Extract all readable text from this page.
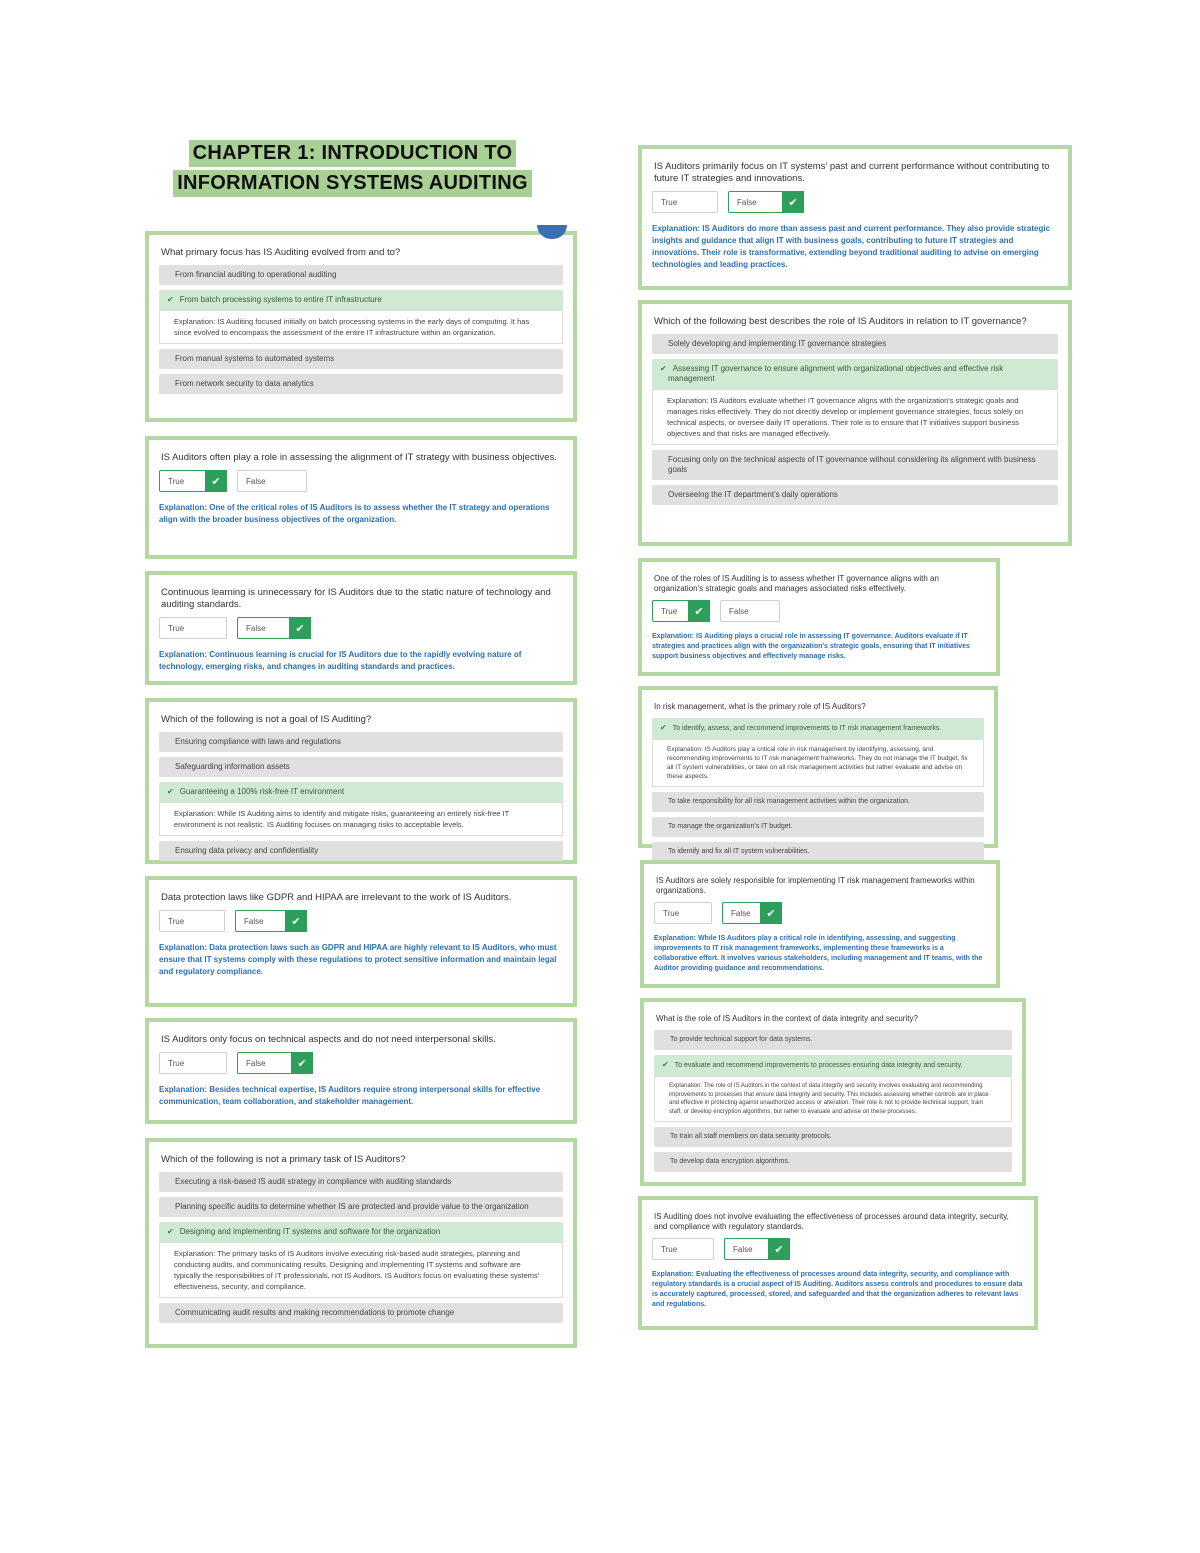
CHAPTER 1: INTRODUCTION TO
INFORMATION SYSTEMS AUDITING
What primary focus has IS Auditing evolved from and to?
From financial auditing to operational auditing
✔ From batch processing systems to entire IT infrastructure
Explanation: IS Auditing focused initially on batch processing systems in the early days of computing. It has since evolved to encompass the assessment of the entire IT infrastructure within an organization.
From manual systems to automated systems
From network security to data analytics
IS Auditors often play a role in assessing the alignment of IT strategy with business objectives.
True	✔	False
Explanation: One of the critical roles of IS Auditors is to assess whether the IT strategy and operations align with the broader business objectives of the organization.
Continuous learning is unnecessary for IS Auditors due to the static nature of technology and auditing standards.
True	False	✔
Explanation: Continuous learning is crucial for IS Auditors due to the rapidly evolving nature of technology, emerging risks, and changes in auditing standards and practices.
Which of the following is not a goal of IS Auditing?
Ensuring compliance with laws and regulations
Safeguarding information assets
✔ Guaranteeing a 100% risk-free IT environment
Explanation: While IS Auditing aims to identify and mitigate risks, guaranteeing an entirely risk-free IT environment is not realistic. IS Auditing focuses on managing risks to acceptable levels.
Ensuring data privacy and confidentiality
Data protection laws like GDPR and HIPAA are irrelevant to the work of IS Auditors.
True	False	✔
Explanation: Data protection laws such as GDPR and HIPAA are highly relevant to IS Auditors, who must ensure that IT systems comply with these regulations to protect sensitive information and maintain legal and regulatory compliance.
IS Auditors only focus on technical aspects and do not need interpersonal skills.
True	False	✔
Explanation: Besides technical expertise, IS Auditors require strong interpersonal skills for effective communication, team collaboration, and stakeholder management.
Which of the following is not a primary task of IS Auditors?
Executing a risk-based IS audit strategy in compliance with auditing standards
Planning specific audits to determine whether IS are protected and provide value to the organization
✔ Designing and implementing IT systems and software for the organization
Explanation: The primary tasks of IS Auditors involve executing risk-based audit strategies, planning and conducting audits, and communicating results. Designing and implementing IT systems and software are typically the responsibilities of IT professionals, not IS Auditors. IS Auditors focus on evaluating these systems' effectiveness, security, and compliance.
Communicating audit results and making recommendations to promote change
IS Auditors primarily focus on IT systems' past and current performance without contributing to future IT strategies and innovations.
True	False	✔
Explanation: IS Auditors do more than assess past and current performance. They also provide strategic insights and guidance that align IT with business goals, contributing to future IT strategies and innovations. Their role is transformative, extending beyond traditional auditing to advise on emerging technologies and leading practices.
Which of the following best describes the role of IS Auditors in relation to IT governance?
Solely developing and implementing IT governance strategies
✔ Assessing IT governance to ensure alignment with organizational objectives and effective risk management
Explanation: IS Auditors evaluate whether IT governance aligns with the organization's strategic goals and manages risks effectively. They do not directly develop or implement governance strategies, focus solely on technical aspects, or oversee daily IT operations. Their role is to ensure that IT initiatives support business objectives and that risks are managed effectively.
Focusing only on the technical aspects of IT governance without considering its alignment with business goals
Overseeing the IT department's daily operations
One of the roles of IS Auditing is to assess whether IT governance aligns with an organization's strategic goals and manages associated risks effectively.
True	✔	False
Explanation: IS Auditing plays a crucial role in assessing IT governance. Auditors evaluate if IT strategies and practices align with the organization's strategic goals, ensuring that IT initiatives support business objectives and effectively manage risks.
In risk management, what is the primary role of IS Auditors?
✔ To identify, assess, and recommend improvements to IT risk management frameworks.
Explanation: IS Auditors play a critical role in risk management by identifying, assessing, and recommending improvements to IT risk management frameworks. They do not manage the IT budget, fix all IT system vulnerabilities, or take on all risk management activities but rather evaluate and advise on these aspects.
To take responsibility for all risk management activities within the organization.
To manage the organization's IT budget.
To identify and fix all IT system vulnerabilities.
IS Auditors are solely responsible for implementing IT risk management frameworks within organizations.
True	False	✔
Explanation: While IS Auditors play a critical role in identifying, assessing, and suggesting improvements to IT risk management frameworks, implementing these frameworks is a collaborative effort. It involves various stakeholders, including management and IT teams, with the Auditor providing guidance and recommendations.
What is the role of IS Auditors in the context of data integrity and security?
To provide technical support for data systems.
✔ To evaluate and recommend improvements to processes ensuring data integrity and security.
Explanation: The role of IS Auditors in the context of data integrity and security involves evaluating and recommending improvements to processes that ensure data integrity and security. This includes assessing whether controls are in place and effective in protecting against unauthorized access or alteration. Their role is not to provide technical support, train staff, or develop encryption algorithms, but rather to evaluate and advise on these processes.
To train all staff members on data security protocols.
To develop data encryption algorithms.
IS Auditing does not involve evaluating the effectiveness of processes around data integrity, security, and compliance with regulatory standards.
True	False	✔
Explanation: Evaluating the effectiveness of processes around data integrity, security, and compliance with regulatory standards is a crucial aspect of IS Auditing. Auditors assess controls and procedures to ensure data is accurately captured, processed, stored, and safeguarded and that the organization adheres to relevant laws and regulations.
